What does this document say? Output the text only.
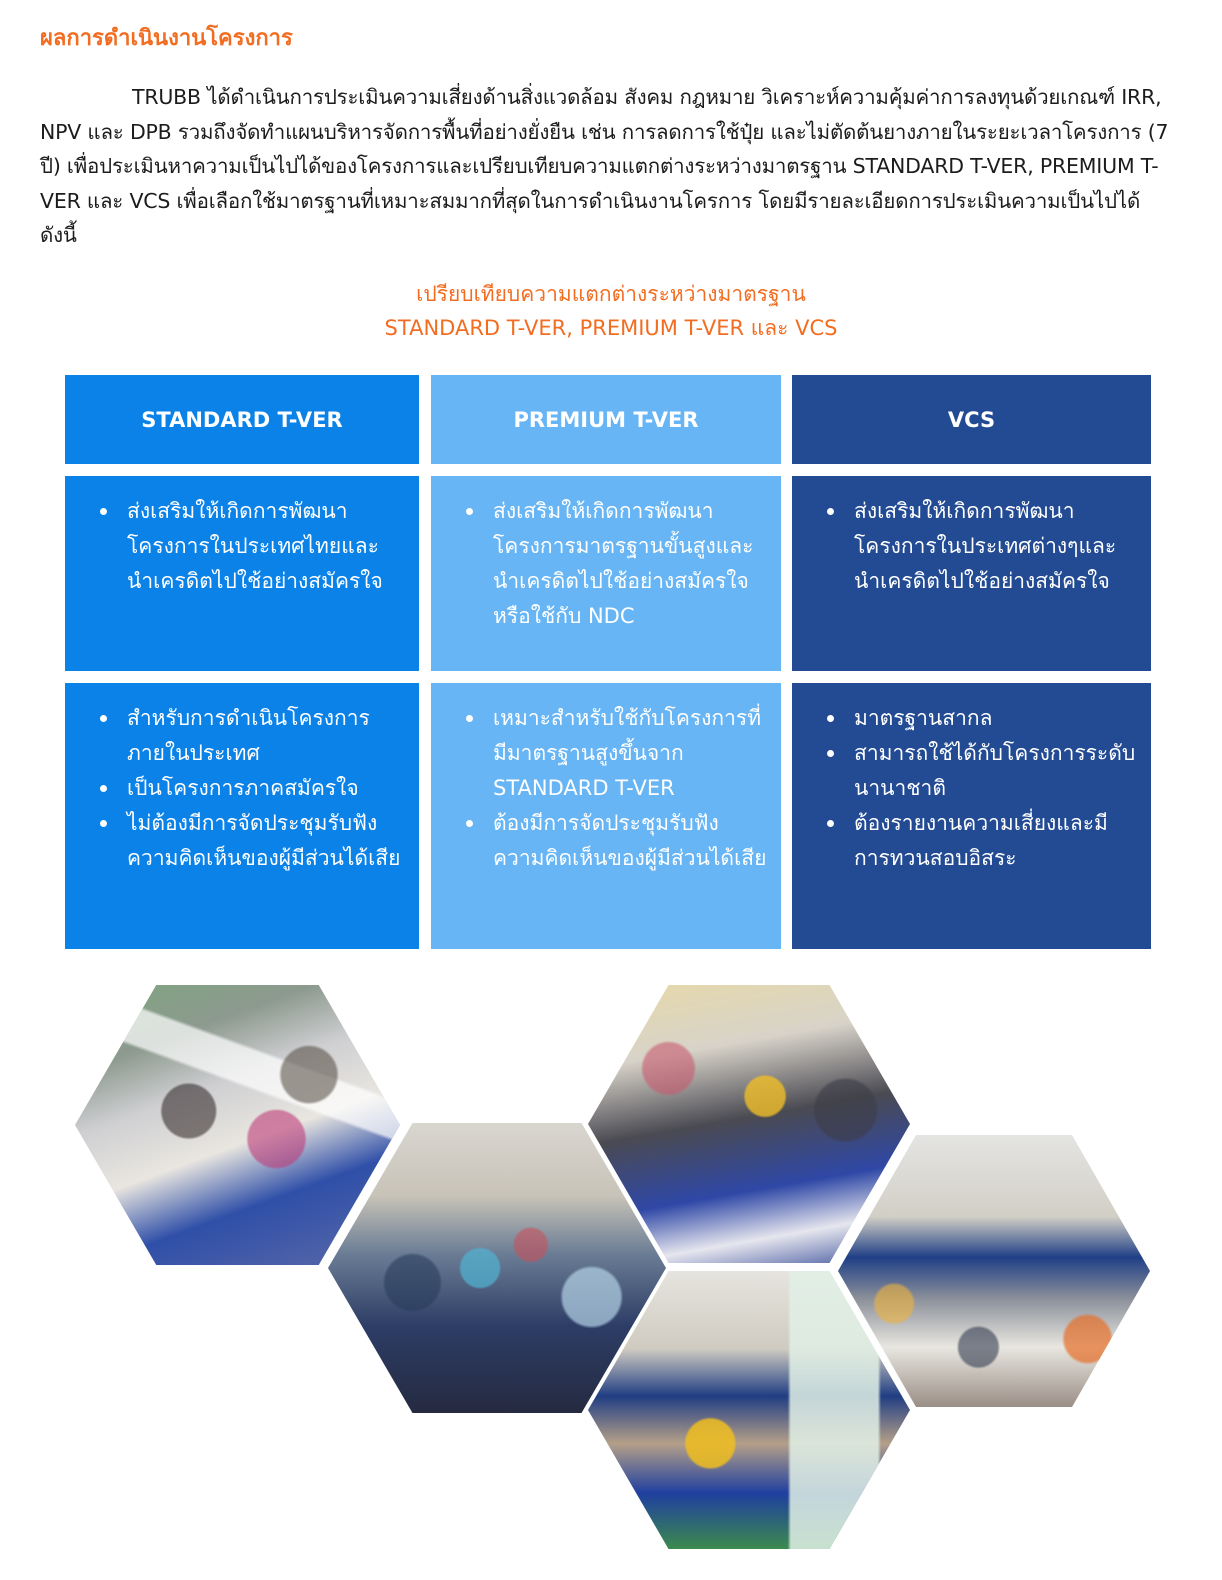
ผลการดำเนินงานโครงการ

TRUBB ได้ดำเนินการประเมินความเสี่ยงด้านสิ่งแวดล้อม สังคม กฎหมาย วิเคราะห์ความคุ้มค่าการลงทุนด้วยเกณฑ์ IRR, NPV และ DPB รวมถึงจัดทำแผนบริหารจัดการพื้นที่อย่างยั่งยืน เช่น การลดการใช้ปุ๋ย และไม่ตัดต้นยางภายในระยะเวลาโครงการ (7 ปี) เพื่อประเมินหาความเป็นไปได้ของโครงการและเปรียบเทียบความแตกต่างระหว่างมาตรฐาน STANDARD T-VER, PREMIUM T-VER และ VCS เพื่อเลือกใช้มาตรฐานที่เหมาะสมมากที่สุดในการดำเนินงานโครการ โดยมีรายละเอียดการประเมินความเป็นไปได้ ดังนี้

เปรียบเทียบความแตกต่างระหว่างมาตรฐาน

STANDARD T-VER, PREMIUM T-VER และ VCS

STANDARD T-VER	PREMIUM T-VER	VCS
ส่งเสริมให้เกิดการพัฒนาโครงการในประเทศไทยและนำเครดิตไปใช้อย่างสมัครใจ
ส่งเสริมให้เกิดการพัฒนาโครงการมาตรฐานขั้นสูงและนำเครดิตไปใช้อย่างสมัครใจหรือใช้กับ NDC
ส่งเสริมให้เกิดการพัฒนาโครงการในประเทศต่างๆและนำเครดิตไปใช้อย่างสมัครใจ
สำหรับการดำเนินโครงการภายในประเทศ
เป็นโครงการภาคสมัครใจ
ไม่ต้องมีการจัดประชุมรับฟังความคิดเห็นของผู้มีส่วนได้เสีย
เหมาะสำหรับใช้กับโครงการที่มีมาตรฐานสูงขึ้นจาก STANDARD T-VER
ต้องมีการจัดประชุมรับฟังความคิดเห็นของผู้มีส่วนได้เสีย
มาตรฐานสากล
สามารถใช้ได้กับโครงการระดับนานาชาติ
ต้องรายงานความเสี่ยงและมีการทวนสอบอิสระ
